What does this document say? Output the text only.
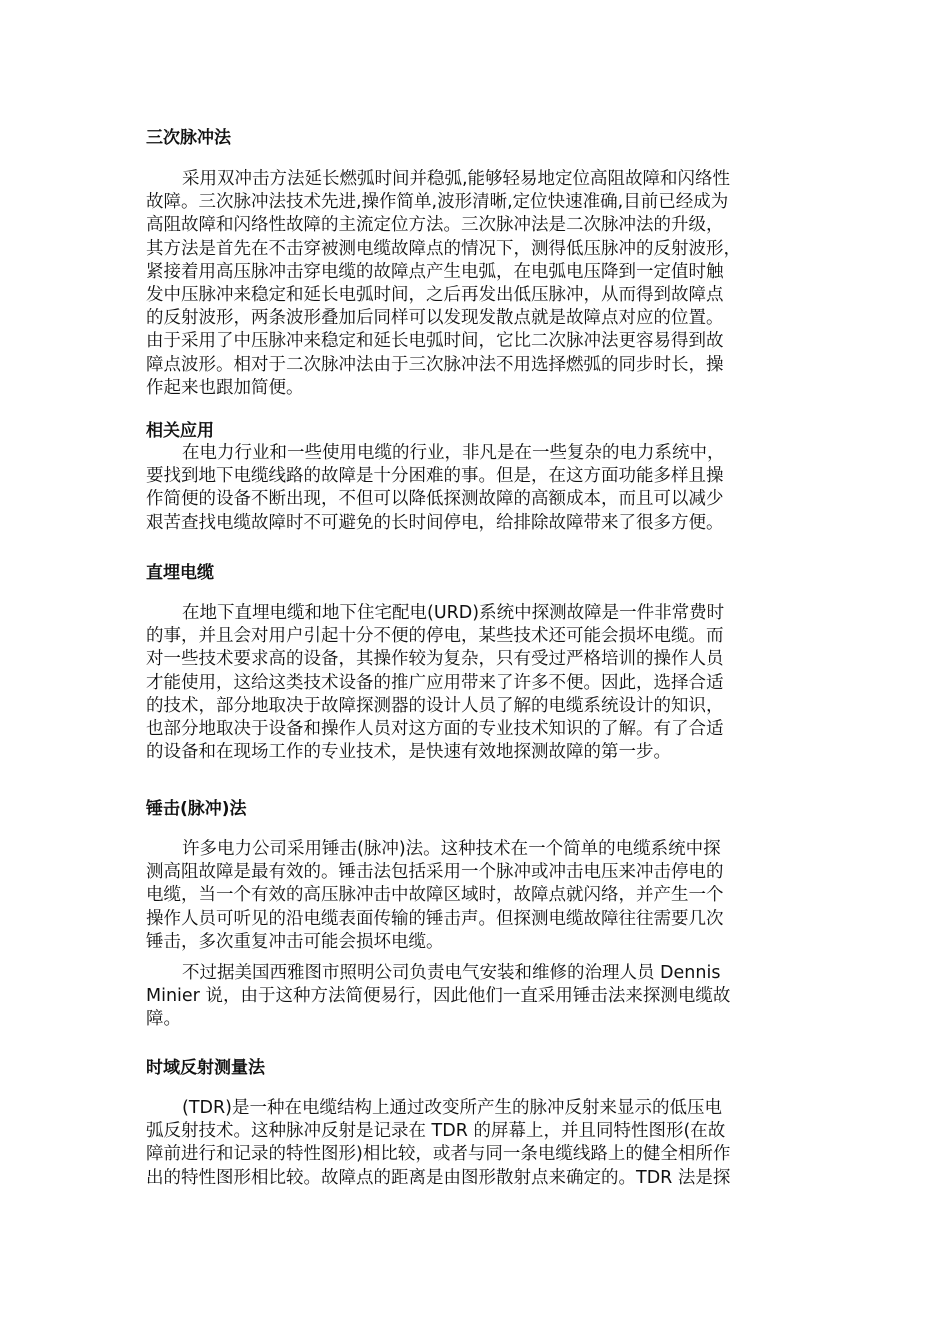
三次脉冲法
采用双冲击方法延长燃弧时间并稳弧,能够轻易地定位高阻故障和闪络性
故障。三次脉冲法技术先进,操作简单,波形清晰,定位快速准确,目前已经成为
高阻故障和闪络性故障的主流定位方法。三次脉冲法是二次脉冲法的升级，
其方法是首先在不击穿被测电缆故障点的情况下，测得低压脉冲的反射波形，
紧接着用高压脉冲击穿电缆的故障点产生电弧，在电弧电压降到一定值时触
发中压脉冲来稳定和延长电弧时间，之后再发出低压脉冲，从而得到故障点
的反射波形，两条波形叠加后同样可以发现发散点就是故障点对应的位置。
由于采用了中压脉冲来稳定和延长电弧时间，它比二次脉冲法更容易得到故
障点波形。相对于二次脉冲法由于三次脉冲法不用选择燃弧的同步时长，操
作起来也跟加简便。
相关应用
在电力行业和一些使用电缆的行业，非凡是在一些复杂的电力系统中，
要找到地下电缆线路的故障是十分困难的事。但是，在这方面功能多样且操
作简便的设备不断出现，不但可以降低探测故障的高额成本，而且可以减少
艰苦查找电缆故障时不可避免的长时间停电，给排除故障带来了很多方便。
直埋电缆
在地下直埋电缆和地下住宅配电(URD)系统中探测故障是一件非常费时
的事，并且会对用户引起十分不便的停电，某些技术还可能会损坏电缆。而
对一些技术要求高的设备，其操作较为复杂，只有受过严格培训的操作人员
才能使用，这给这类技术设备的推广应用带来了许多不便。因此，选择合适
的技术，部分地取决于故障探测器的设计人员了解的电缆系统设计的知识，
也部分地取决于设备和操作人员对这方面的专业技术知识的了解。有了合适
的设备和在现场工作的专业技术，是快速有效地探测故障的第一步。
锤击(脉冲)法
许多电力公司采用锤击(脉冲)法。这种技术在一个简单的电缆系统中探
测高阻故障是最有效的。锤击法包括采用一个脉冲或冲击电压来冲击停电的
电缆，当一个有效的高压脉冲击中故障区域时，故障点就闪络，并产生一个
操作人员可听见的沿电缆表面传输的锤击声。但探测电缆故障往往需要几次
锤击，多次重复冲击可能会损坏电缆。
不过据美国西雅图市照明公司负责电气安装和维修的治理人员 Dennis
Minier 说，由于这种方法简便易行，因此他们一直采用锤击法来探测电缆故
障。
时域反射测量法
(TDR)是一种在电缆结构上通过改变所产生的脉冲反射来显示的低压电
弧反射技术。这种脉冲反射是记录在 TDR 的屏幕上，并且同特性图形(在故
障前进行和记录的特性图形)相比较，或者与同一条电缆线路上的健全相所作
出的特性图形相比较。故障点的距离是由图形散射点来确定的。TDR 法是探
